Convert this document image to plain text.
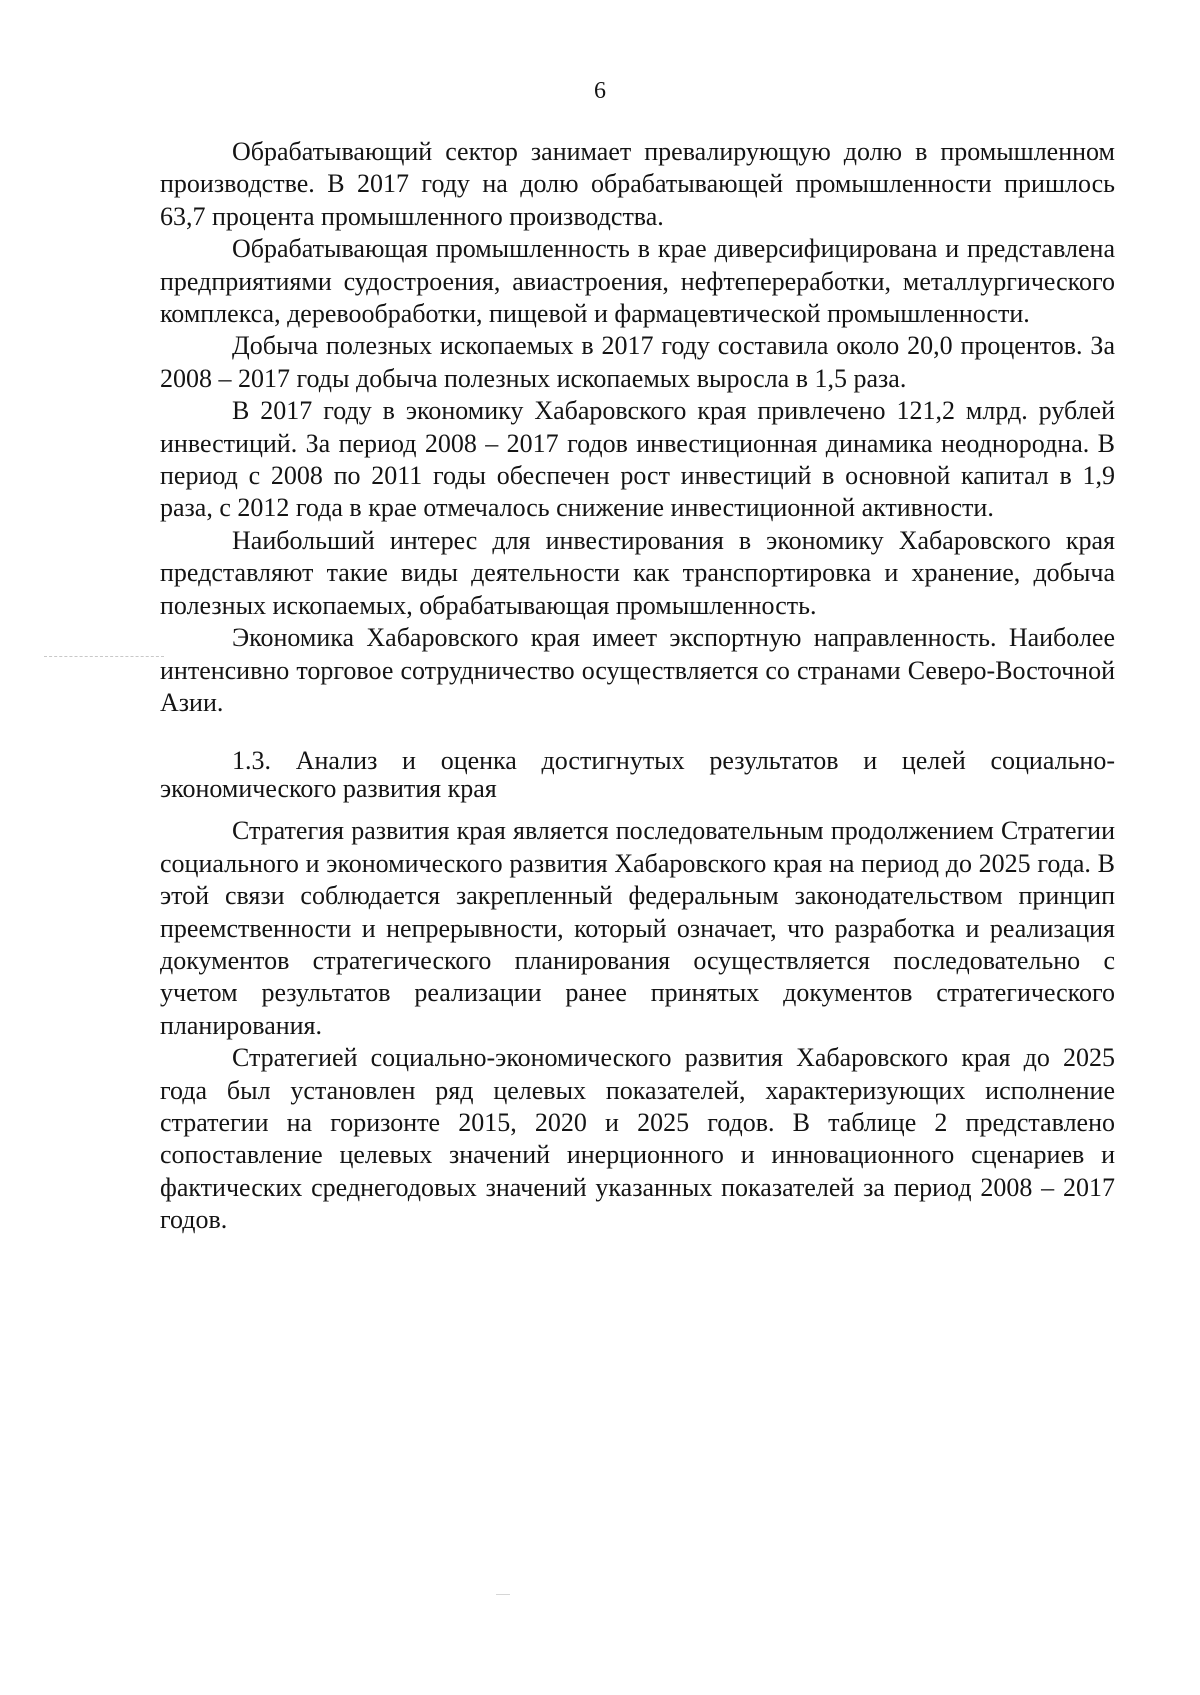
6

Обрабатывающий сектор занимает превалирующую долю в промышленном производстве. В 2017 году на долю обрабатывающей промышленности пришлось 63,7 процента промышленного производства.

Обрабатывающая промышленность в крае диверсифицирована и представлена предприятиями судостроения, авиастроения, нефтепереработки, металлургического комплекса, деревообработки, пищевой и фармацевтической промышленности.

Добыча полезных ископаемых в 2017 году составила около 20,0 процентов. За 2008 – 2017 годы добыча полезных ископаемых выросла в 1,5 раза.

В 2017 году в экономику Хабаровского края привлечено 121,2 млрд. рублей инвестиций. За период 2008 – 2017 годов инвестиционная динамика неоднородна. В период с 2008 по 2011 годы обеспечен рост инвестиций в основной капитал в 1,9 раза, с 2012 года в крае отмечалось снижение инвестиционной активности.

Наибольший интерес для инвестирования в экономику Хабаровского края представляют такие виды деятельности как транспортировка и хранение, добыча полезных ископаемых, обрабатывающая промышленность.

Экономика Хабаровского края имеет экспортную направленность. Наиболее интенсивно торговое сотрудничество осуществляется со странами Северо-Восточной Азии.

1.3. Анализ и оценка достигнутых результатов и целей социально-экономического развития края

Стратегия развития края является последовательным продолжением Стратегии социального и экономического развития Хабаровского края на период до 2025 года. В этой связи соблюдается закрепленный федеральным законодательством принцип преемственности и непрерывности, который означает, что разработка и реализация документов стратегического планирования осуществляется последовательно с учетом результатов реализации ранее принятых документов стратегического планирования.

Стратегией социально-экономического развития Хабаровского края до 2025 года был установлен ряд целевых показателей, характеризующих исполнение стратегии на горизонте 2015, 2020 и 2025 годов. В таблице 2 представлено сопоставление целевых значений инерционного и инновационного сценариев и фактических среднегодовых значений указанных показателей за период 2008 – 2017 годов.
